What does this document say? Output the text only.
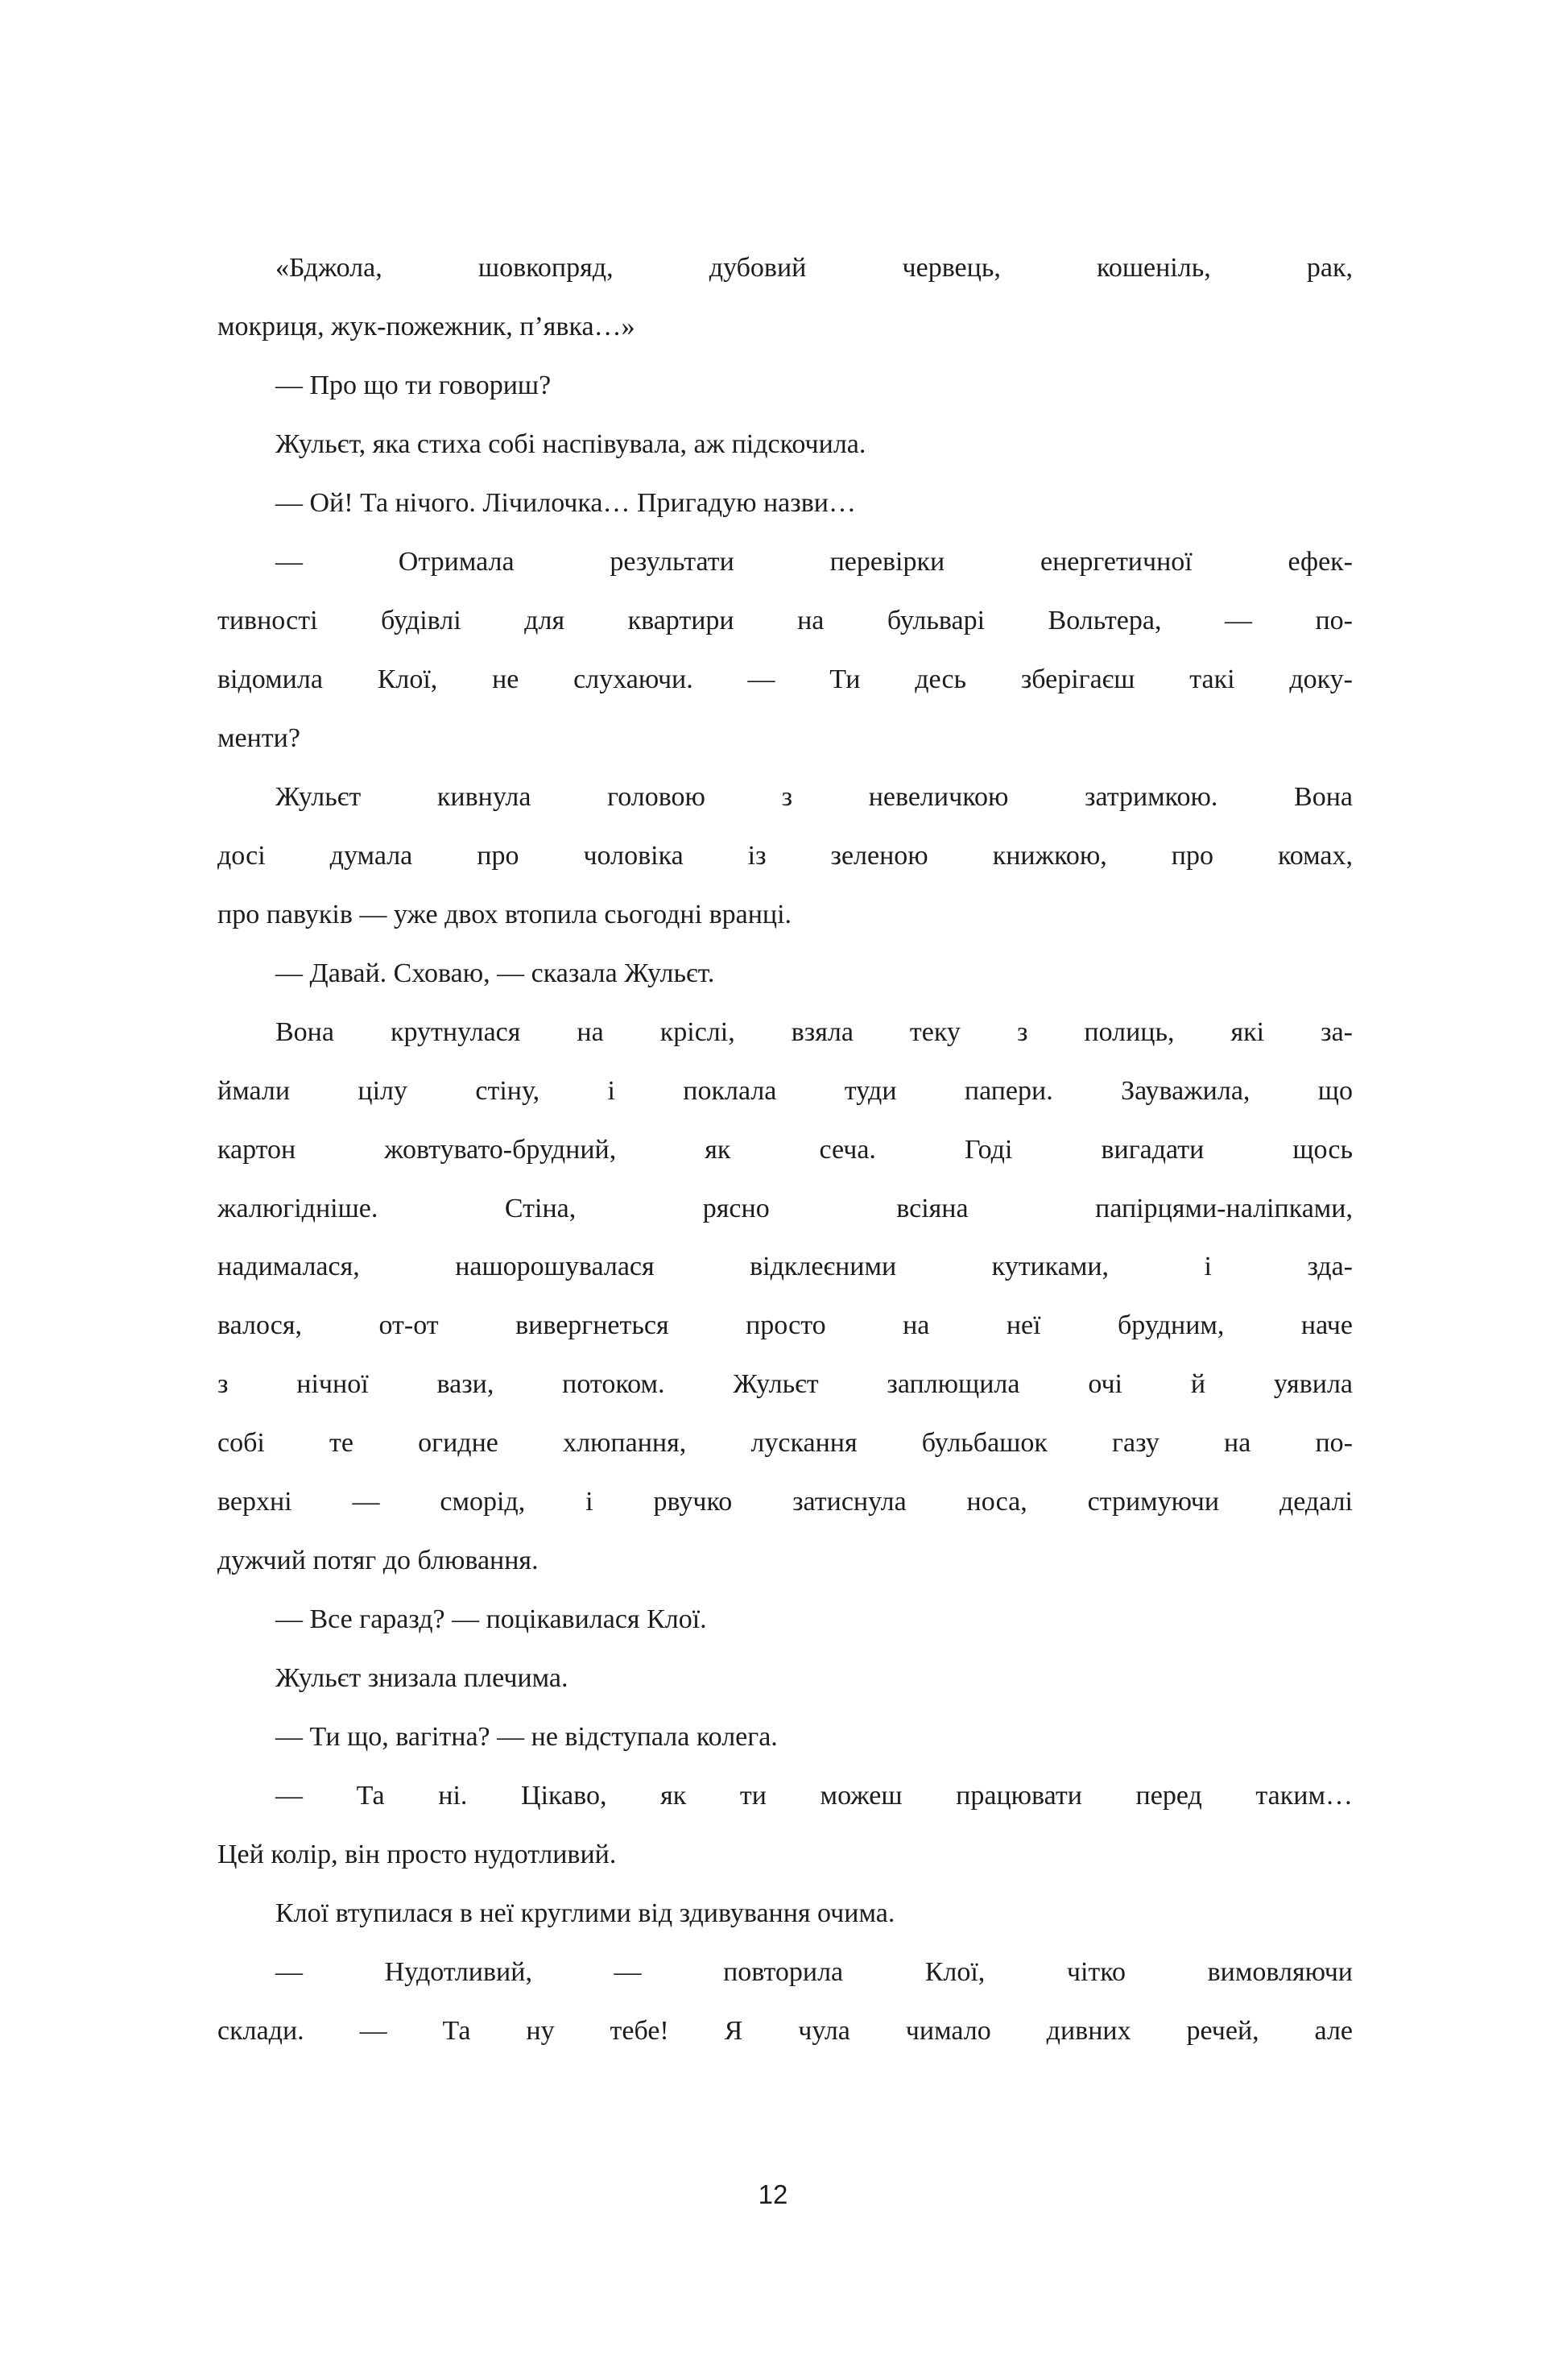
«Бджола, шовкопряд, дубовий червець, кошеніль, рак,
мокриця, жук-пожежник, п’явка…»
— Про що ти говориш?
Жульєт, яка стиха собі наспівувала, аж підскочила.
— Ой! Та нічого. Лічилочка… Пригадую назви…
— Отримала результати перевірки енергетичної ефек-
тивності будівлі для квартири на бульварі Вольтера, — по-
відомила Клої, не слухаючи. — Ти десь зберігаєш такі доку-
менти?
Жульєт кивнула головою з невеличкою затримкою. Вона
досі думала про чоловіка із зеленою книжкою, про комах,
про павуків — уже двох втопила сьогодні вранці.
— Давай. Сховаю, — сказала Жульєт.
Вона крутнулася на кріслі, взяла теку з полиць, які за-
ймали цілу стіну, і поклала туди папери. Зауважила, що
картон жовтувато-брудний, як сеча. Годі вигадати щось
жалюгідніше. Стіна, рясно всіяна папірцями-наліпками,
надималася, нашорошувалася відклеєними кутиками, і зда-
валося, от-от вивергнеться просто на неї брудним, наче
з нічної вази, потоком. Жульєт заплющила очі й уявила
собі те огидне хлюпання, лускання бульбашок газу на по-
верхні — сморід, і рвучко затиснула носа, стримуючи дедалі
дужчий потяг до блювання.
— Все гаразд? — поцікавилася Клої.
Жульєт знизала плечима.
— Ти що, вагітна? — не відступала колега.
— Та ні. Цікаво, як ти можеш працювати перед таким…
Цей колір, він просто нудотливий.
Клої втупилася в неї круглими від здивування очима.
— Нудотливий, — повторила Клої, чітко вимовляючи
склади. — Та ну тебе! Я чула чимало дивних речей, але
12
